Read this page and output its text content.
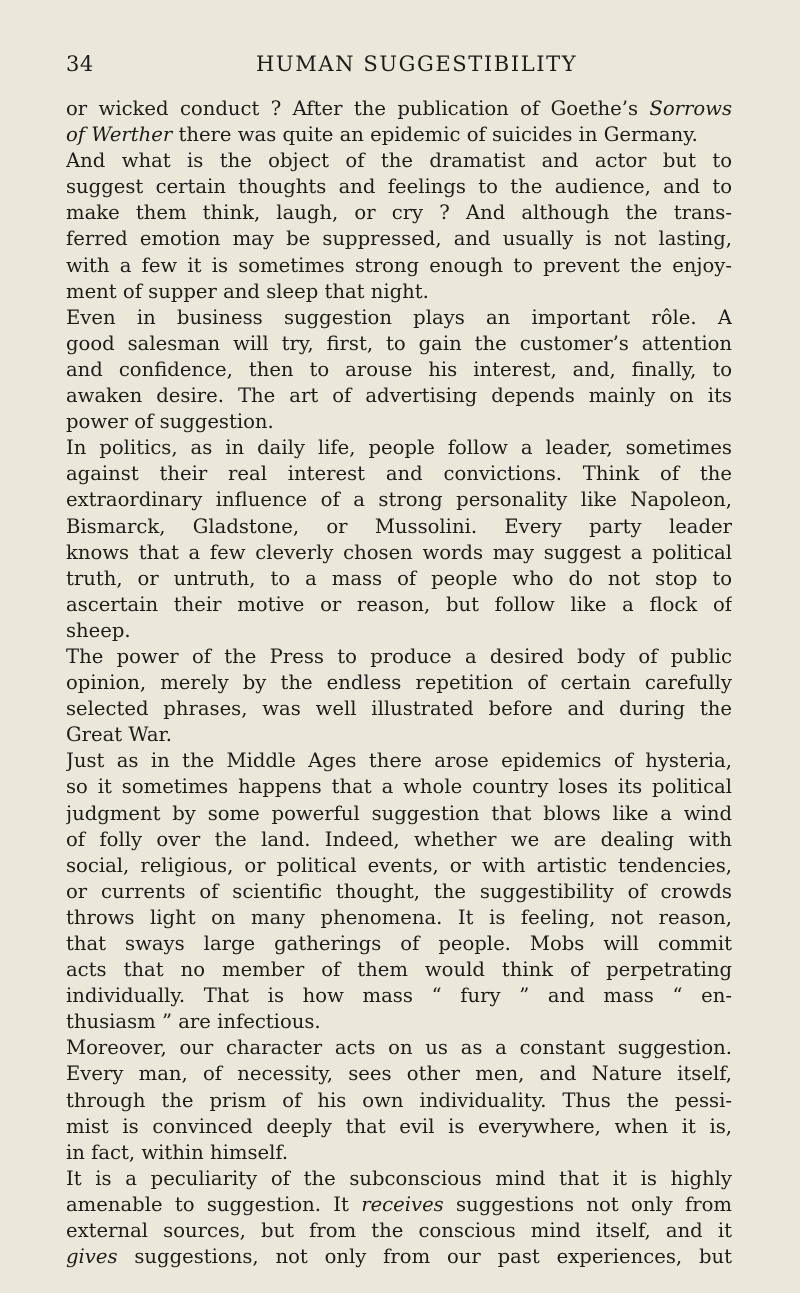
34	HUMAN SUGGESTIBILITY
or wicked conduct ? After the publication of Goethe’s Sorrows
of Werther there was quite an epidemic of suicides in Germany.
And what is the object of the dramatist and actor but to
suggest certain thoughts and feelings to the audience, and to
make them think, laugh, or cry ? And although the trans-
ferred emotion may be suppressed, and usually is not lasting,
with a few it is sometimes strong enough to prevent the enjoy-
ment of supper and sleep that night.
Even in business suggestion plays an important rôle. A
good salesman will try, first, to gain the customer’s attention
and confidence, then to arouse his interest, and, finally, to
awaken desire. The art of advertising depends mainly on its
power of suggestion.
In politics, as in daily life, people follow a leader, sometimes
against their real interest and convictions. Think of the
extraordinary influence of a strong personality like Napoleon,
Bismarck, Gladstone, or Mussolini. Every party leader
knows that a few cleverly chosen words may suggest a political
truth, or untruth, to a mass of people who do not stop to
ascertain their motive or reason, but follow like a flock of
sheep.
The power of the Press to produce a desired body of public
opinion, merely by the endless repetition of certain carefully
selected phrases, was well illustrated before and during the
Great War.
Just as in the Middle Ages there arose epidemics of hysteria,
so it sometimes happens that a whole country loses its political
judgment by some powerful suggestion that blows like a wind
of folly over the land. Indeed, whether we are dealing with
social, religious, or political events, or with artistic tendencies,
or currents of scientific thought, the suggestibility of crowds
throws light on many phenomena. It is feeling, not reason,
that sways large gatherings of people. Mobs will commit
acts that no member of them would think of perpetrating
individually. That is how mass “ fury ” and mass “ en-
thusiasm ” are infectious.
Moreover, our character acts on us as a constant suggestion.
Every man, of necessity, sees other men, and Nature itself,
through the prism of his own individuality. Thus the pessi-
mist is convinced deeply that evil is everywhere, when it is,
in fact, within himself.
It is a peculiarity of the subconscious mind that it is highly
amenable to suggestion. It receives suggestions not only from
external sources, but from the conscious mind itself, and it
gives suggestions, not only from our past experiences, but
